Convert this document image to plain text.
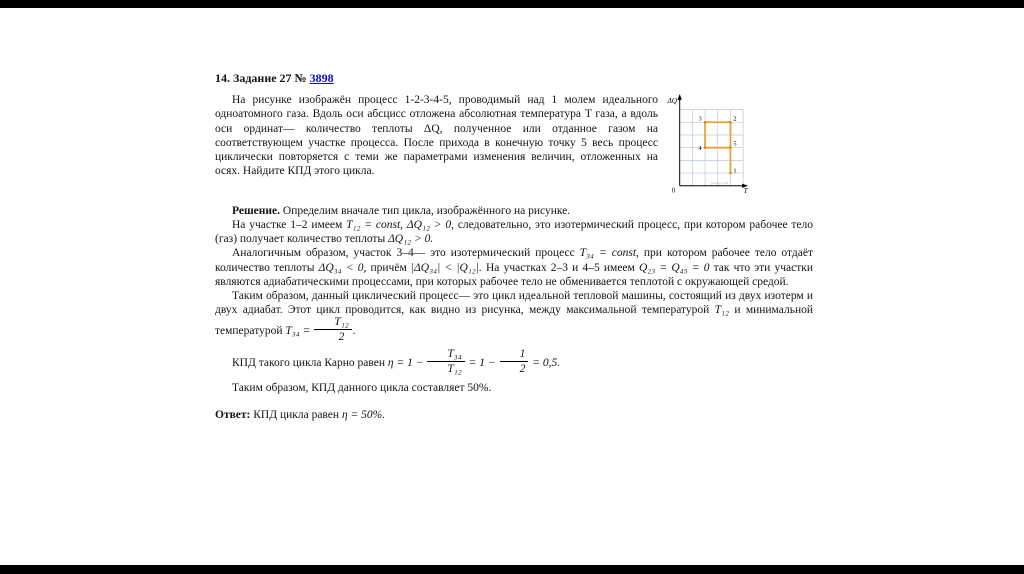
14. Задание 27 № 3898

3	2
4
5
1
ΔQ
T
0
решуегэ.рф

На рисунке изображён процесс 1-2-3-4-5, проводимый над 1 молем идеального одноатомного газа. Вдоль оси абсцисс отложена абсолютная температура T газа, а вдоль оси ординат— количество теплоты ΔQ, полученное или отданное газом на соответствующем участке процесса. После прихода в конечную точку 5 весь процесс циклически повторяется с теми же параметрами изменения величин, отложенных на осях. Найдите КПД этого цикла.

Решение. Определим вначале тип цикла, изображённого на рисунке.

На участке 1–2 имеем T₁₂ = const, ΔQ₁₂ > 0, следовательно, это изотермический процесс, при котором рабочее тело (газ) получает количество теплоты ΔQ₁₂ > 0.

Аналогичным образом, участок 3–4— это изотермический процесс T₃₄ = const, при котором рабочее тело отдаёт количество теплоты ΔQ₃₄ < 0, причём |ΔQ₃₄| < |Q₁₂|. На участках 2–3 и 4–5 имеем Q₂₃ = Q₄₅ = 0 так что эти участки являются адиабатическими процессами, при которых рабочее тело не обменивается теплотой с окружающей средой.

Таким образом, данный циклический процесс— это цикл идеальной тепловой машины, состоящий из двух изотерм и двух адиабат. Этот цикл проводится, как видно из рисунка, между максимальной температурой T₁₂ и минимальной температурой $T_{34} = \frac{\text{T₁₂}}{2}$ .

КПД такого цикла Карно равен $\eta = 1 - \frac{\text{T₃₄}}{\text{T₁₂}} = 1 - \frac{1}{2} = 0,5$.

Таким образом, КПД данного цикла составляет 50%.

Ответ: КПД цикла равен η = 50%.
